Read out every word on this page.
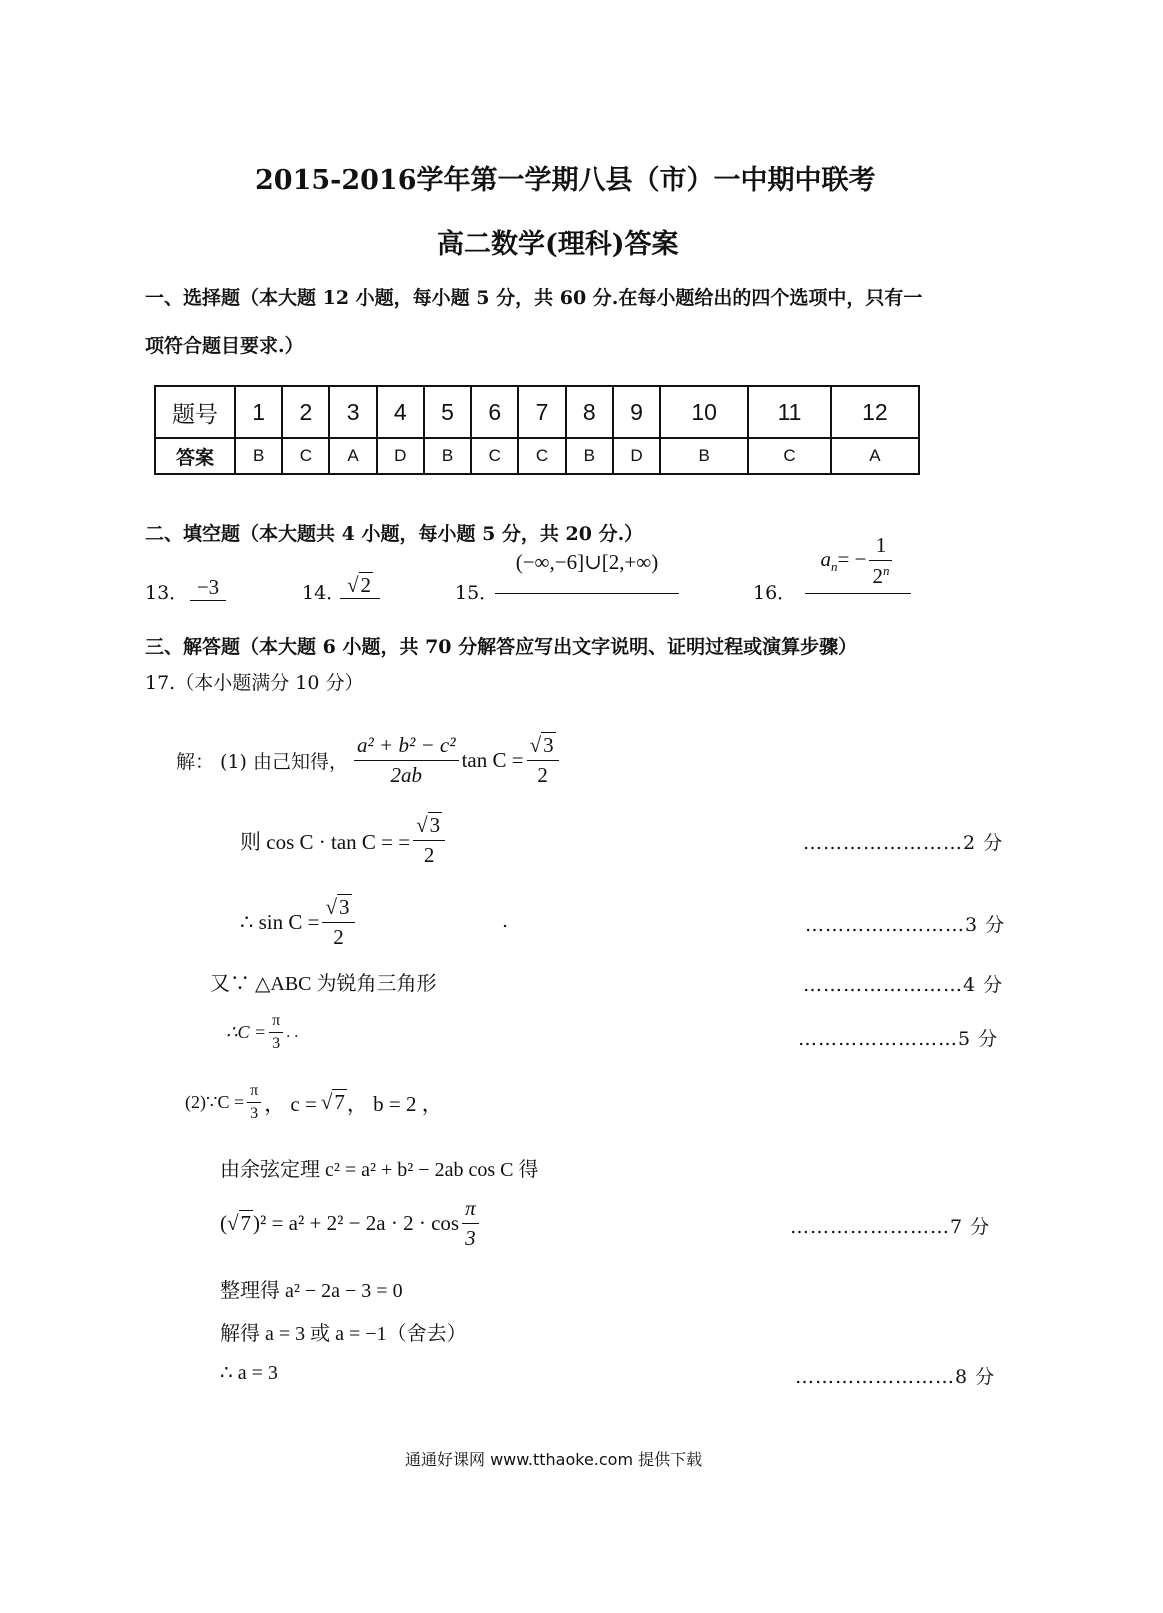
2015-2016学年第一学期八县（市）一中期中联考
高二数学(理科)答案
一、选择题（本大题 12 小题，每小题 5 分，共 60 分.在每小题给出的四个选项中，只有一
项符合题目要求.）
题号	1	2	3	4	5	6	7	8	9	10	11	12
答案	B	C	A	D	B	C	C	B	D	B	C	A
二、填空题（本大题共 4 小题，每小题 5 分，共 20 分.）
13． −3	14． √2	15．
(−∞,−6]∪[2,+∞)
16．
$a_n= - \frac{1}{2^n}$
三、解答题（本大题 6 小题，共 70 分解答应写出文字说明、证明过程或演算步骤）
17.（本小题满分 10 分）
解： (1) 由己知得， $\frac{\text{a² + b² − c²}}{2ab}$ $\tan C = \frac{√3}{2}$
则 cos C · tan C = = $\frac{√3}{2}$	……………………2 分
∴ $\sin C = \frac{√3}{2}$	.	……………………3 分
又∵ △ABC 为锐角三角形	……………………4 分
∴C = $\frac{\pi}{3}$ . .	……………………5 分
(2)∵C = $\frac{\pi}{3}$ ， c = √7 ， b = 2 ，
由余弦定理 c² = a² + b² − 2ab cos C 得
( √7 )$^2 = a^2 + 2^2 - 2a \cdot 2 \cdot \cos \frac{\pi}{3}$	……………………7 分
整理得 a² − 2a − 3 = 0
解得 a = 3 或 a = −1（舍去）
∴ a = 3	……………………8 分
通通好课网 www.tthaoke.com 提供下载
